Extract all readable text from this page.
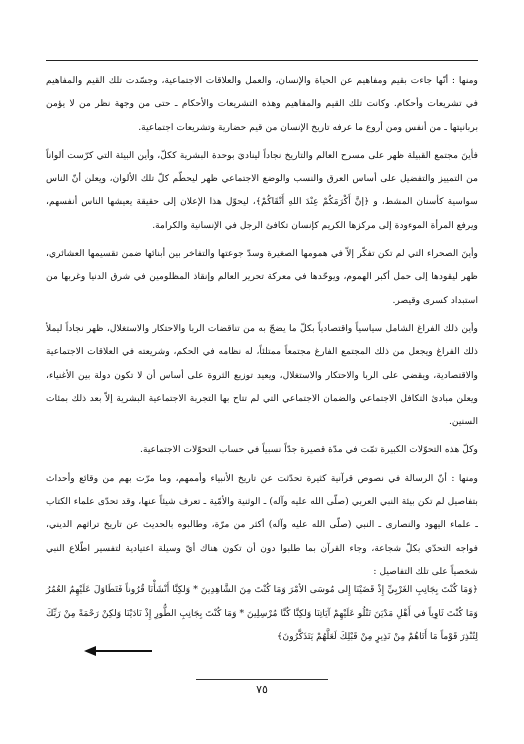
ومنها : أنّها جاءت بقيم ومفاهيم عن الحياة والإنسان، والعمل والعلاقات الاجتماعية، وجسّدت تلك القيم والمفاهيم في تشريعات وأحكام. وكانت تلك القيم والمفاهيم وهذه التشريعات والأحكام ـ حتى من وجهة نظر من لا يؤمن بربانيتها ـ من أنفس ومن أروع ما عرفه تاريخ الإنسان من قيم حضارية وتشريعات اجتماعية.

فأينَ مجتمع القبيلة ظهر على مسرح العالم والتاريخ نجاداً ليناديَ بوحدة البشرية ككلّ، وأين البيئة التي كرّست ألواناً من التمييز والتفضيل على أساس العرق والنسب والوضع الاجتماعي ظهر ليحطّم كلّ تلك الألوان، ويعلن أنّ الناس سواسية كأسنان المشط، و ﴿إنَّ أَكْرَمَكُمْ عِنْدَ اللهِ أَتْقَاكُمْ﴾، ليحوّل هذا الإعلان إلى حقيقة يعيشها الناس أنفسهم، ويرفع المرأة الموءودة إلى مركزها الكريم كإنسان تكافئ الرجل في الإنسانية والكرامة.

وأينَ الصحراء التي لم تكن تفكّر إلاّ في همومها الصغيرة وسدّ جوعتها والتفاخر بين أبنائها ضمن تقسيمها العشائري، ظهر ليقودها إلى حمل أكبر الهموم، ويوحّدها في معركة تحرير العالم وإنقاذ المظلومين في شرق الدنيا وغربها من استبداد كسرى وقيصر.

وأين ذلك الفراغ الشامل سياسياً واقتصادياً بكلّ ما يضجّ به من تناقضات الربا والاحتكار والاستغلال، ظهر نجاداً ليملأ ذلك الفراغ ويجعل من ذلك المجتمع الفارغ مجتمعاً ممتلئاً، له نظامه في الحكم، وشريعته في العلاقات الاجتماعية والاقتصادية، ويقضي على الربا والاحتكار والاستغلال، ويعيد توزيع الثروة على أساس أن لا تكون دولة بين الأغنياء، ويعلن مبادئ التكافل الاجتماعي والضمان الاجتماعي التي لم تتاح بها التجربة الاجتماعية البشرية إلاّ بعد ذلك بمئات السنين.

وكلّ هذه التحوّلات الكبيرة تمّت في مدّة قصيرة جدّاً نسبياً في حساب التحوّلات الاجتماعية.

ومنها : أنّ الرسالة في نصوص قرآنية كثيرة تحدّثت عن تاريخ الأنبياء وأممهم، وما مرّت بهم من وقائع وأحداث بتفاصيل لم تكن بيئة النبي العربي (صلّى الله عليه وآله) ـ الوثنية والأمّية ـ تعرف شيئاً عنها، وقد تحدّى علماء الكتاب ـ علماء اليهود والنصارى ـ النبي (صلّى الله عليه وآله) أكثر من مرّة، وطالبوه بالحديث عن تاريخ تراثهم الديني، فواجه التحدّي بكلّ شجاعة، وجاء القرآن بما طلبوا دون أن تكون هناك أيّ وسيلة اعتيادية لتفسير اطّلاع النبي شخصياً على تلك التفاصيل :

﴿وَمَا كُنْتَ بِجَانِبِ الغَرْبِيِّ إِذْ قَضَيْنَا إِلى مُوسَى الأمْرَ وَمَا كُنْتَ مِنَ الشَّاهِدِينَ * وَلكِنَّا أَنْشَأْنَا قُرُوناً فَتَطَاوَلَ عَلَيْهِمُ العُمُرُ وَمَا كُنْتَ ثَاوِياً في أَهْلِ مَدْيَنَ تَتْلُو عَلَيْهِمْ آيَاتِنَا وَلكِنَّا كُنَّا مُرْسِلِينَ * وَمَا كُنْتَ بِجَانِبِ الطُّورِ إِذْ نَادَيْنَا وَلكِنْ رَحْمَةً مِنْ رَبِّكَ لِتُنْذِرَ قَوْماً مَا أَتَاهُمْ مِنْ نَذِيرٍ مِنْ قَبْلِكَ لَعَلَّهُمْ يَتَذَكَّرُونَ﴾
٧٥
